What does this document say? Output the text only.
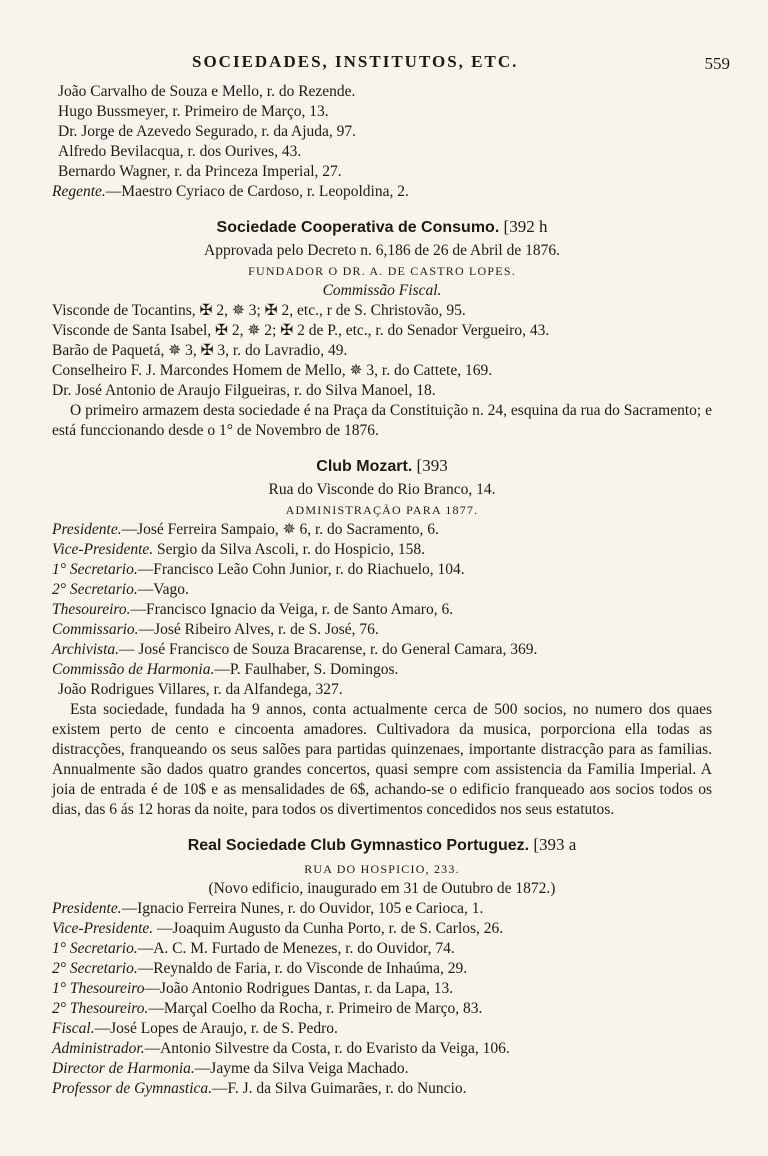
SOCIEDADES, INSTITUTOS, ETC.	559
João Carvalho de Souza e Mello, r. do Rezende.
Hugo Bussmeyer, r. Primeiro de Março, 13.
Dr. Jorge de Azevedo Segurado, r. da Ajuda, 97.
Alfredo Bevilacqua, r. dos Ourives, 43.
Bernardo Wagner, r. da Princeza Imperial, 27.
Regente.—Maestro Cyriaco de Cardoso, r. Leopoldina, 2.
Sociedade Cooperativa de Consumo. [392 h
Approvada pelo Decreto n. 6,186 de 26 de Abril de 1876.
FUNDADOR O DR. A. DE CASTRO LOPES.
Commissão Fiscal.
Visconde de Tocantins, ✠ 2, ✵ 3; ✠ 2, etc., r de S. Christovão, 95.
Visconde de Santa Isabel, ✠ 2, ✵ 2; ✠ 2 de P., etc., r. do Senador Vergueiro, 43.
Barão de Paquetá, ✵ 3, ✠ 3, r. do Lavradio, 49.
Conselheiro F. J. Marcondes Homem de Mello, ✵ 3, r. do Cattete, 169.
Dr. José Antonio de Araujo Filgueiras, r. do Silva Manoel, 18.
O primeiro armazem desta sociedade é na Praça da Constituição n. 24, esquina da rua do Sacramento; e está funccionando desde o 1° de Novembro de 1876.
Club Mozart. [393
Rua do Visconde do Rio Branco, 14.
ADMINISTRAÇÃO PARA 1877.
Presidente.—José Ferreira Sampaio, ✵ 6, r. do Sacramento, 6.
Vice-Presidente. Sergio da Silva Ascoli, r. do Hospicio, 158.
1° Secretario.—Francisco Leão Cohn Junior, r. do Riachuelo, 104.
2° Secretario.—Vago.
Thesoureiro.—Francisco Ignacio da Veiga, r. de Santo Amaro, 6.
Commissario.—José Ribeiro Alves, r. de S. José, 76.
Archivista.— José Francisco de Souza Bracarense, r. do General Camara, 369.
Commissão de Harmonia.—P. Faulhaber, S. Domingos.
João Rodrigues Villares, r. da Alfandega, 327.
Esta sociedade, fundada ha 9 annos, conta actualmente cerca de 500 socios, no numero dos quaes existem perto de cento e cincoenta amadores. Cultivadora da musica, porporciona ella todas as distracções, franqueando os seus salões para partidas quinzenaes, importante distracção para as familias. Annualmente são dados quatro grandes concertos, quasi sempre com assistencia da Familia Imperial. A joia de entrada é de 10$ e as mensalidades de 6$, achando-se o edificio franqueado aos socios todos os dias, das 6 ás 12 horas da noite, para todos os divertimentos concedidos nos seus estatutos.
Real Sociedade Club Gymnastico Portuguez. [393 a
RUA DO HOSPICIO, 233.
(Novo edificio, inaugurado em 31 de Outubro de 1872.)
Presidente.—Ignacio Ferreira Nunes, r. do Ouvidor, 105 e Carioca, 1.
Vice-Presidente. —Joaquim Augusto da Cunha Porto, r. de S. Carlos, 26.
1° Secretario.—A. C. M. Furtado de Menezes, r. do Ouvidor, 74.
2° Secretario.—Reynaldo de Faria, r. do Visconde de Inhaúma, 29.
1° Thesoureiro—João Antonio Rodrigues Dantas, r. da Lapa, 13.
2° Thesoureiro.—Marçal Coelho da Rocha, r. Primeiro de Março, 83.
Fiscal.—José Lopes de Araujo, r. de S. Pedro.
Administrador.—Antonio Silvestre da Costa, r. do Evaristo da Veiga, 106.
Director de Harmonia.—Jayme da Silva Veiga Machado.
Professor de Gymnastica.—F. J. da Silva Guimarães, r. do Nuncio.
